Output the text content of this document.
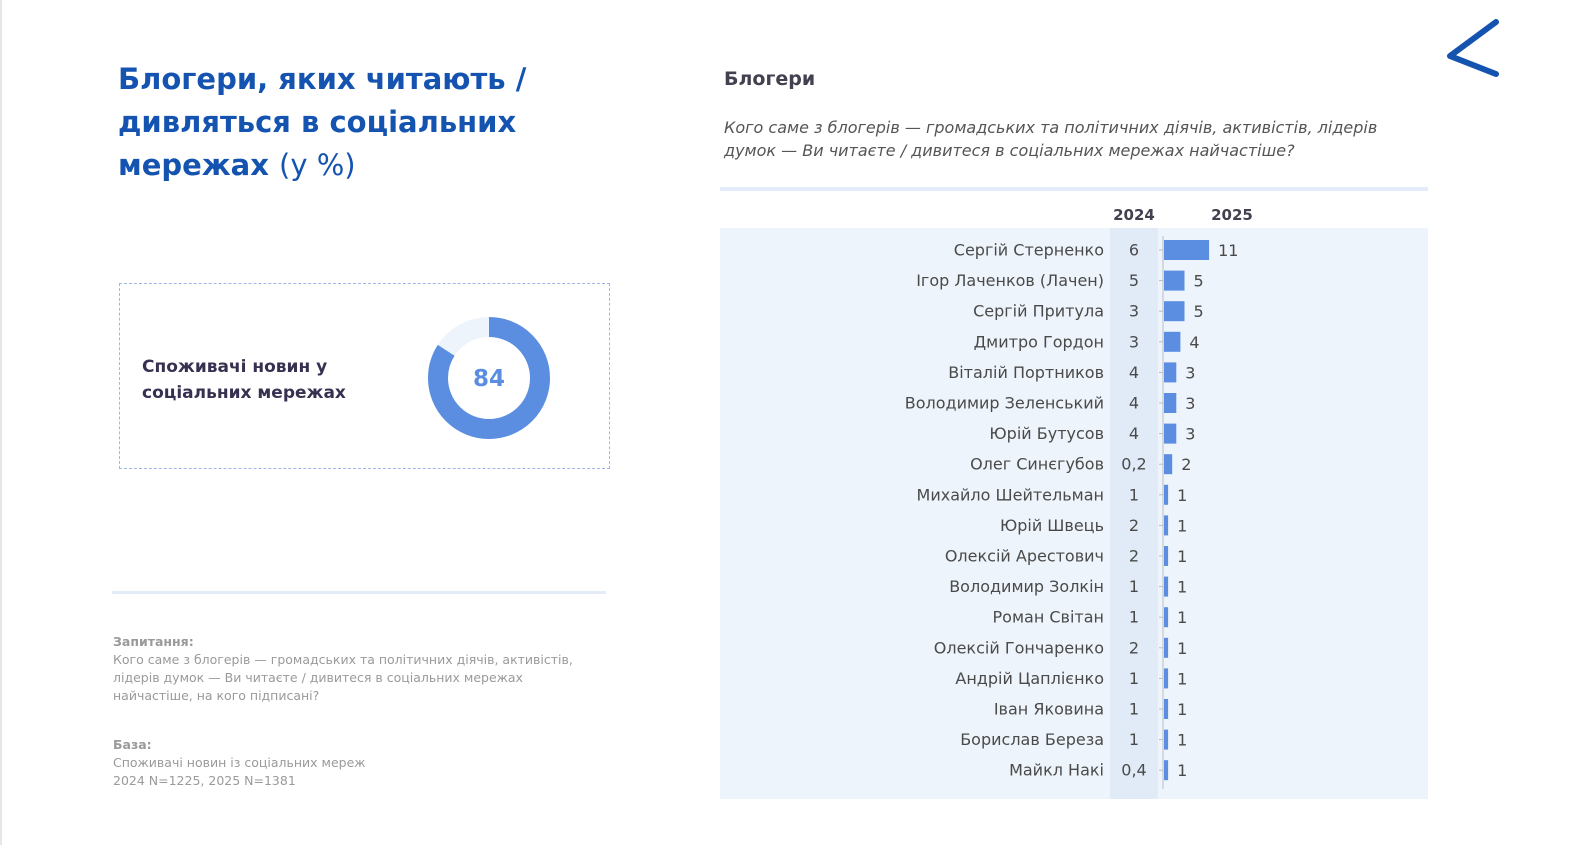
Блогери, яких читають / дивляться в соціальних мережах (у %)
Споживачі новин у соціальних мережах
84
Запитання:
Кого саме з блогерів — громадських та політичних діячів, активістів, лідерів думок — Ви читаєте / дивитеся в соціальних мережах найчастіше, на кого підписані?
База:
Споживачі новин із соціальних мереж
2024 N=1225, 2025 N=1381
Блогери

Кого саме з блогерів — громадських та політичних діячів, активістів, лідерів думок — Ви читаєте / дивитеся в соціальних мережах найчастіше?

2024	2025
Сергій Стерненко 6	11
Ігор Лаченков (Лачен) 5	5
Сергій Притула 3	5
Дмитро Гордон 3	4
Віталій Портников 4	3
Володимир Зеленський 4	3
Юрій Бутусов 4	3
Олег Синєгубов 0,2 2
Михайло Шейтельман 1 1
Юрій Швець 2 1
Олексій Арестович 2 1
Володимир Золкін 1 1
Роман Світан 1 1
Олексій Гончаренко 2 1
Андрій Цаплієнко 1 1
Іван Яковина 1 1
Борислав Береза 1 1
Майкл Накі 0,4 1
